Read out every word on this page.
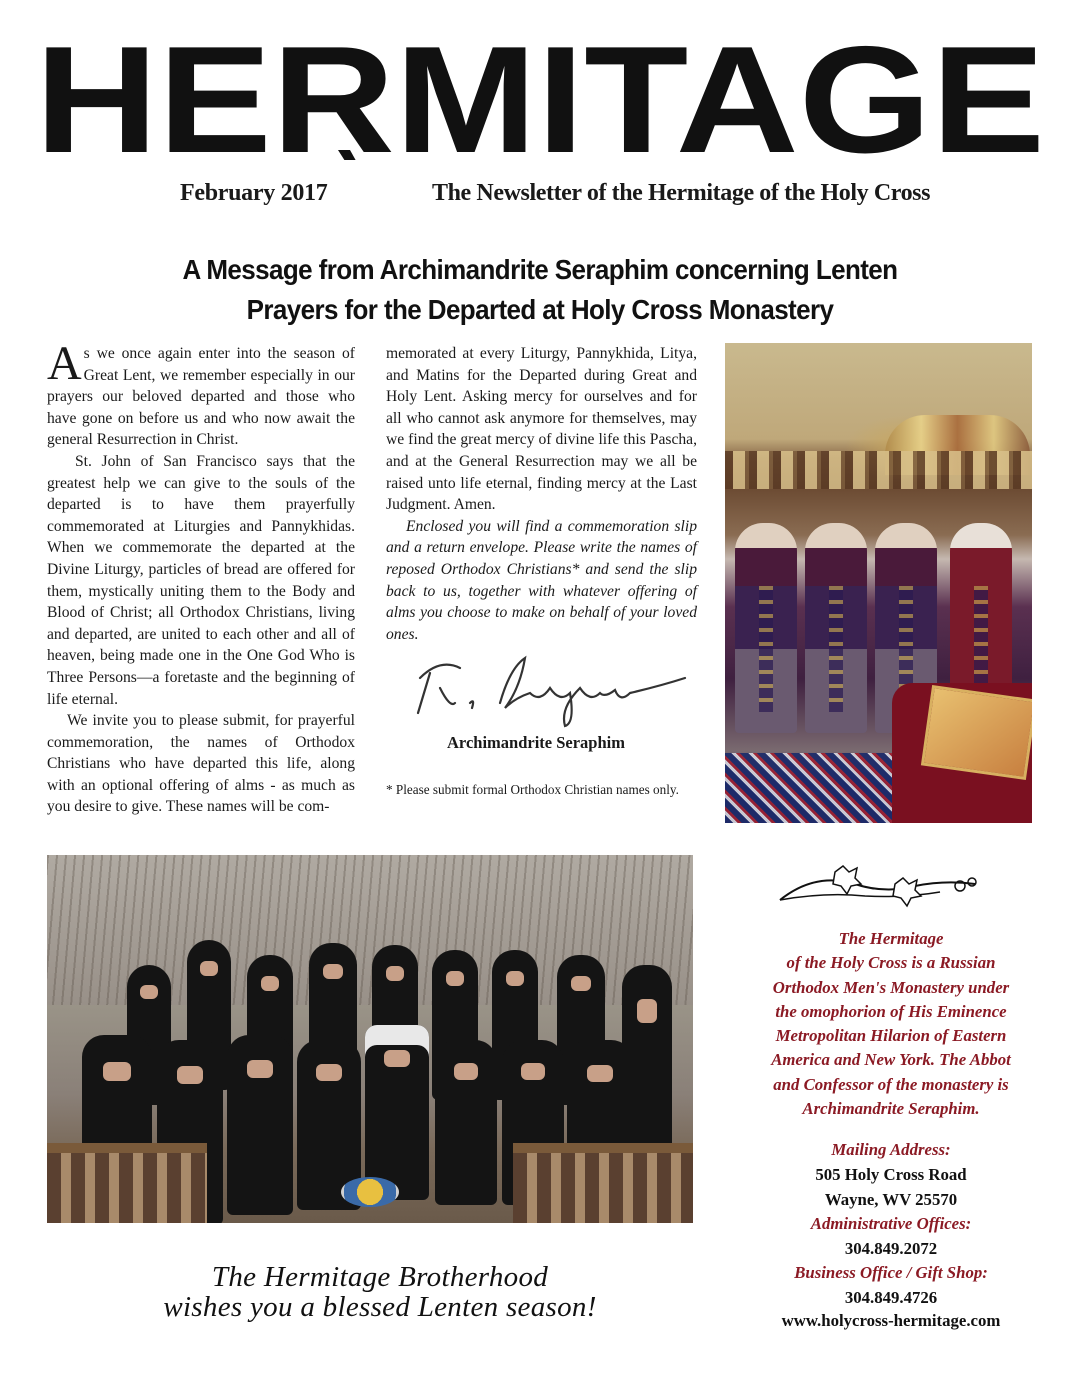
HERMITAGE
February 2017	The Newsletter of the Hermitage of the Holy Cross
A Message from Archimandrite Seraphim concerning Lenten
Prayers for the Departed at Holy Cross Monastery

As we once again enter into the season of Great Lent, we remember especially in our prayers our beloved departed and those who have gone on before us and who now await the general Resurrection in Christ.

St. John of San Francisco says that the greatest help we can give to the souls of the departed is to have them prayerfully commemorated at Liturgies and Pannykhidas. When we commemorate the departed at the Divine Liturgy, particles of bread are offered for them, mystically uniting them to the Body and Blood of Christ; all Orthodox Christians, living and departed, are united to each other and all of heaven, being made one in the One God Who is Three Persons—a foretaste and the beginning of life eternal.

We invite you to please submit, for prayerful commemoration, the names of Orthodox Christians who have departed this life, along with an optional offering of alms - as much as you desire to give. These names will be com-

memorated at every Liturgy, Pannykhida, Litya, and Matins for the Departed during Great and Holy Lent. Asking mercy for ourselves and for all who cannot ask anymore for themselves, may we find the great mercy of divine life this Pascha, and at the General Resurrection may we all be raised unto life eternal, finding mercy at the Last Judgment. Amen.

Enclosed you will find a commemoration slip and a return envelope. Please write the names of reposed Orthodox Christians* and send the slip back to us, together with whatever offering of alms you choose to make on behalf of your loved ones.

Archimandrite Seraphim
* Please submit formal Orthodox Christian names only.
The Hermitage
of the Holy Cross is a Russian
Orthodox Men's Monastery under
the omophorion of His Eminence
Metropolitan Hilarion of Eastern
America and New York. The Abbot
and Confessor of the monastery is
Archimandrite Seraphim.
Mailing Address:
505 Holy Cross Road
Wayne, WV 25570
Administrative Offices:
304.849.2072
Business Office / Gift Shop:
304.849.4726
www.holycross-hermitage.com
The Hermitage Brotherhood
wishes you a blessed Lenten season!
